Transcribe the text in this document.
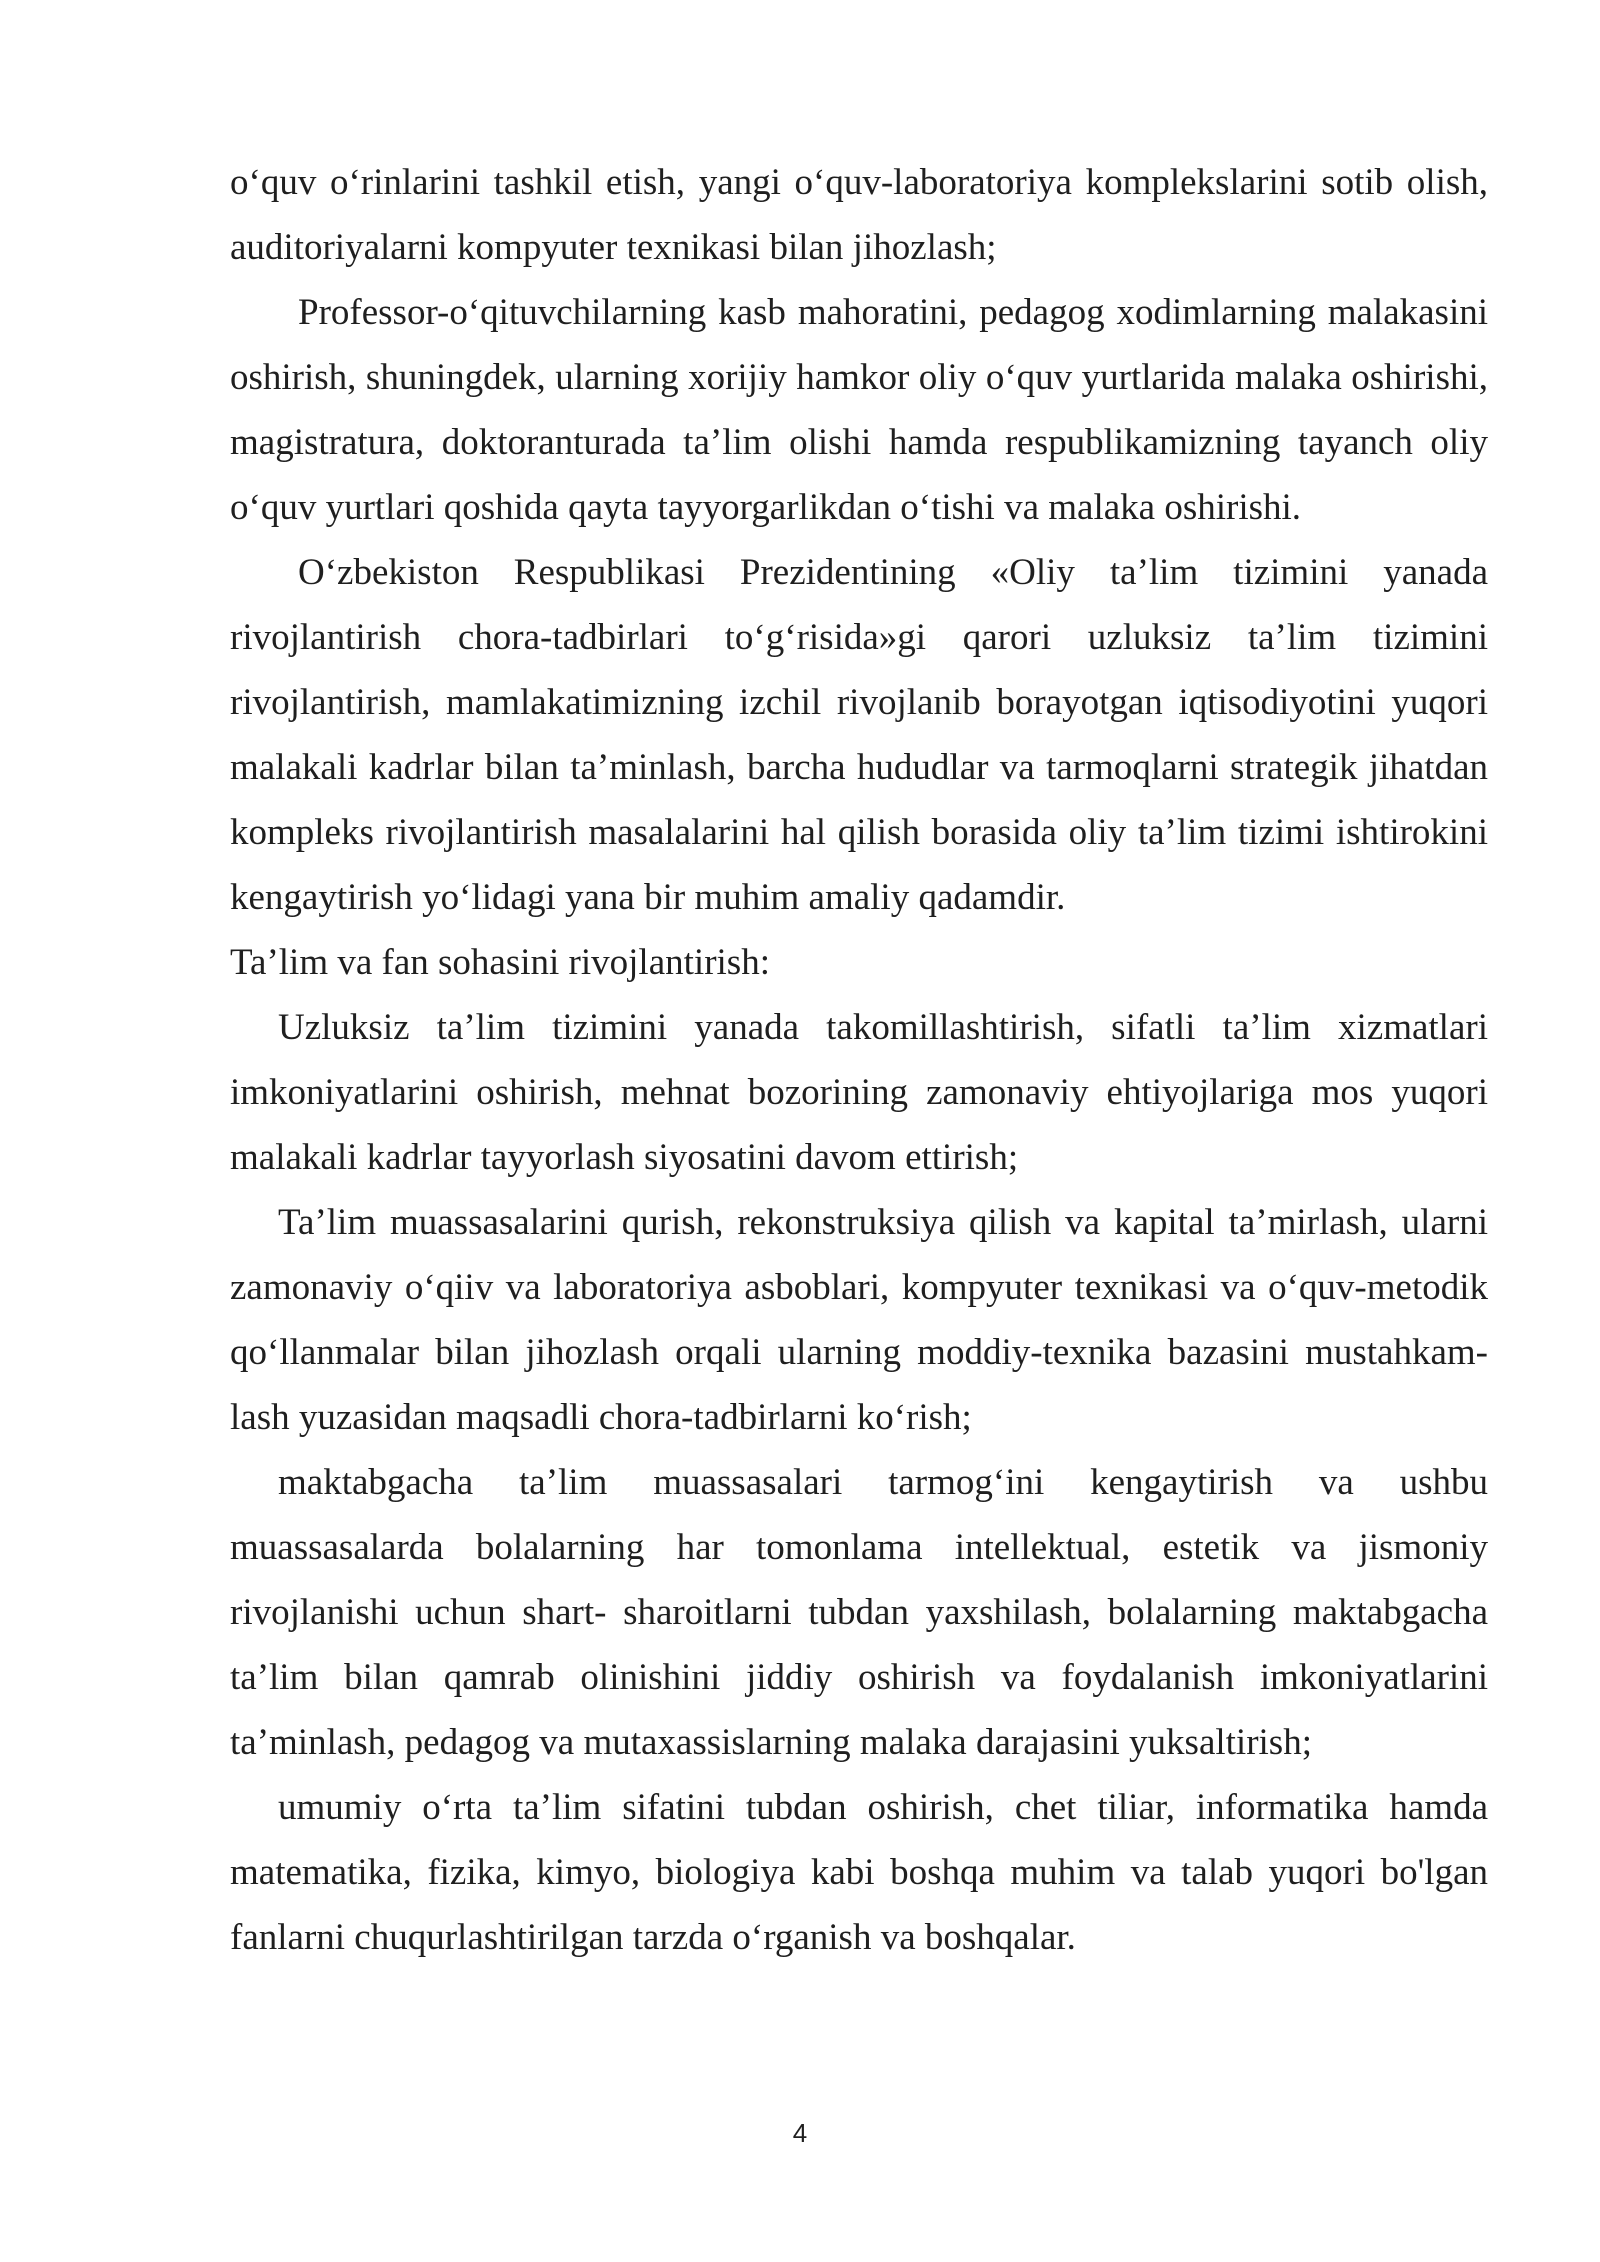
o‘quv o‘rinlarini tashkil etish, yangi o‘quv-laboratoriya komplekslarini sotib olish, auditoriyalarni kompyuter texnikasi bilan jihozlash;

Professor-o‘qituvchilarning kasb mahoratini, pedagog xodimlarning malakasini oshirish, shuningdek, ularning xorijiy hamkor oliy o‘quv yurtlarida malaka oshirishi, magistratura, doktoranturada ta’lim olishi hamda respublikamizning tayanch oliy o‘quv yurtlari qoshida qayta tayyorgarlikdan o‘tishi va malaka oshirishi.

O‘zbekiston Respublikasi Prezidentining «Oliy ta’lim tizimini yanada rivojlantirish chora-tadbirlari to‘g‘risida»gi qarori uzluksiz ta’lim tizimini rivojlantirish, mamlakatimizning izchil rivojlanib borayotgan iqtisodiyotini yuqori malakali kadrlar bilan ta’minlash, barcha hududlar va tarmoqlarni strategik jihatdan kompleks rivojlantirish masalalarini hal qilish borasida oliy ta’lim tizimi ishtirokini kengaytirish yo‘lidagi yana bir muhim amaliy qadamdir.

Ta’lim va fan sohasini rivojlantirish:

Uzluksiz ta’lim tizimini yanada takomillashtirish, sifatli ta’lim xizmatlari imkoniyatlarini oshirish, mehnat bozorining zamonaviy ehtiyojlariga mos yuqori malakali kadrlar tayyorlash siyosatini davom ettirish;

Ta’lim muassasalarini qurish, rekonstruksiya qilish va kapital ta’mirlash, ularni zamonaviy o‘qiiv va laboratoriya asboblari, kompyuter texnikasi va o‘quv-metodik qo‘llanmalar bilan jihozlash orqali ularning moddiy-texnika bazasini mustahkam-lash yuzasidan maqsadli chora-tadbirlarni ko‘rish;

maktabgacha ta’lim muassasalari tarmog‘ini kengaytirish va ushbu muassasalarda bolalarning har tomonlama intellektual, estetik va jismoniy rivojlanishi uchun shart- sharoitlarni tubdan yaxshilash, bolalarning maktabgacha ta’lim bilan qamrab olinishini jiddiy oshirish va foydalanish imkoniyatlarini ta’minlash, pedagog va mutaxassislarning malaka darajasini yuksaltirish;

umumiy o‘rta ta’lim sifatini tubdan oshirish, chet tiliar, informatika hamda matematika, fizika, kimyo, biologiya kabi boshqa muhim va talab yuqori bo'lgan fanlarni chuqurlashtirilgan tarzda o‘rganish va boshqalar.

4
